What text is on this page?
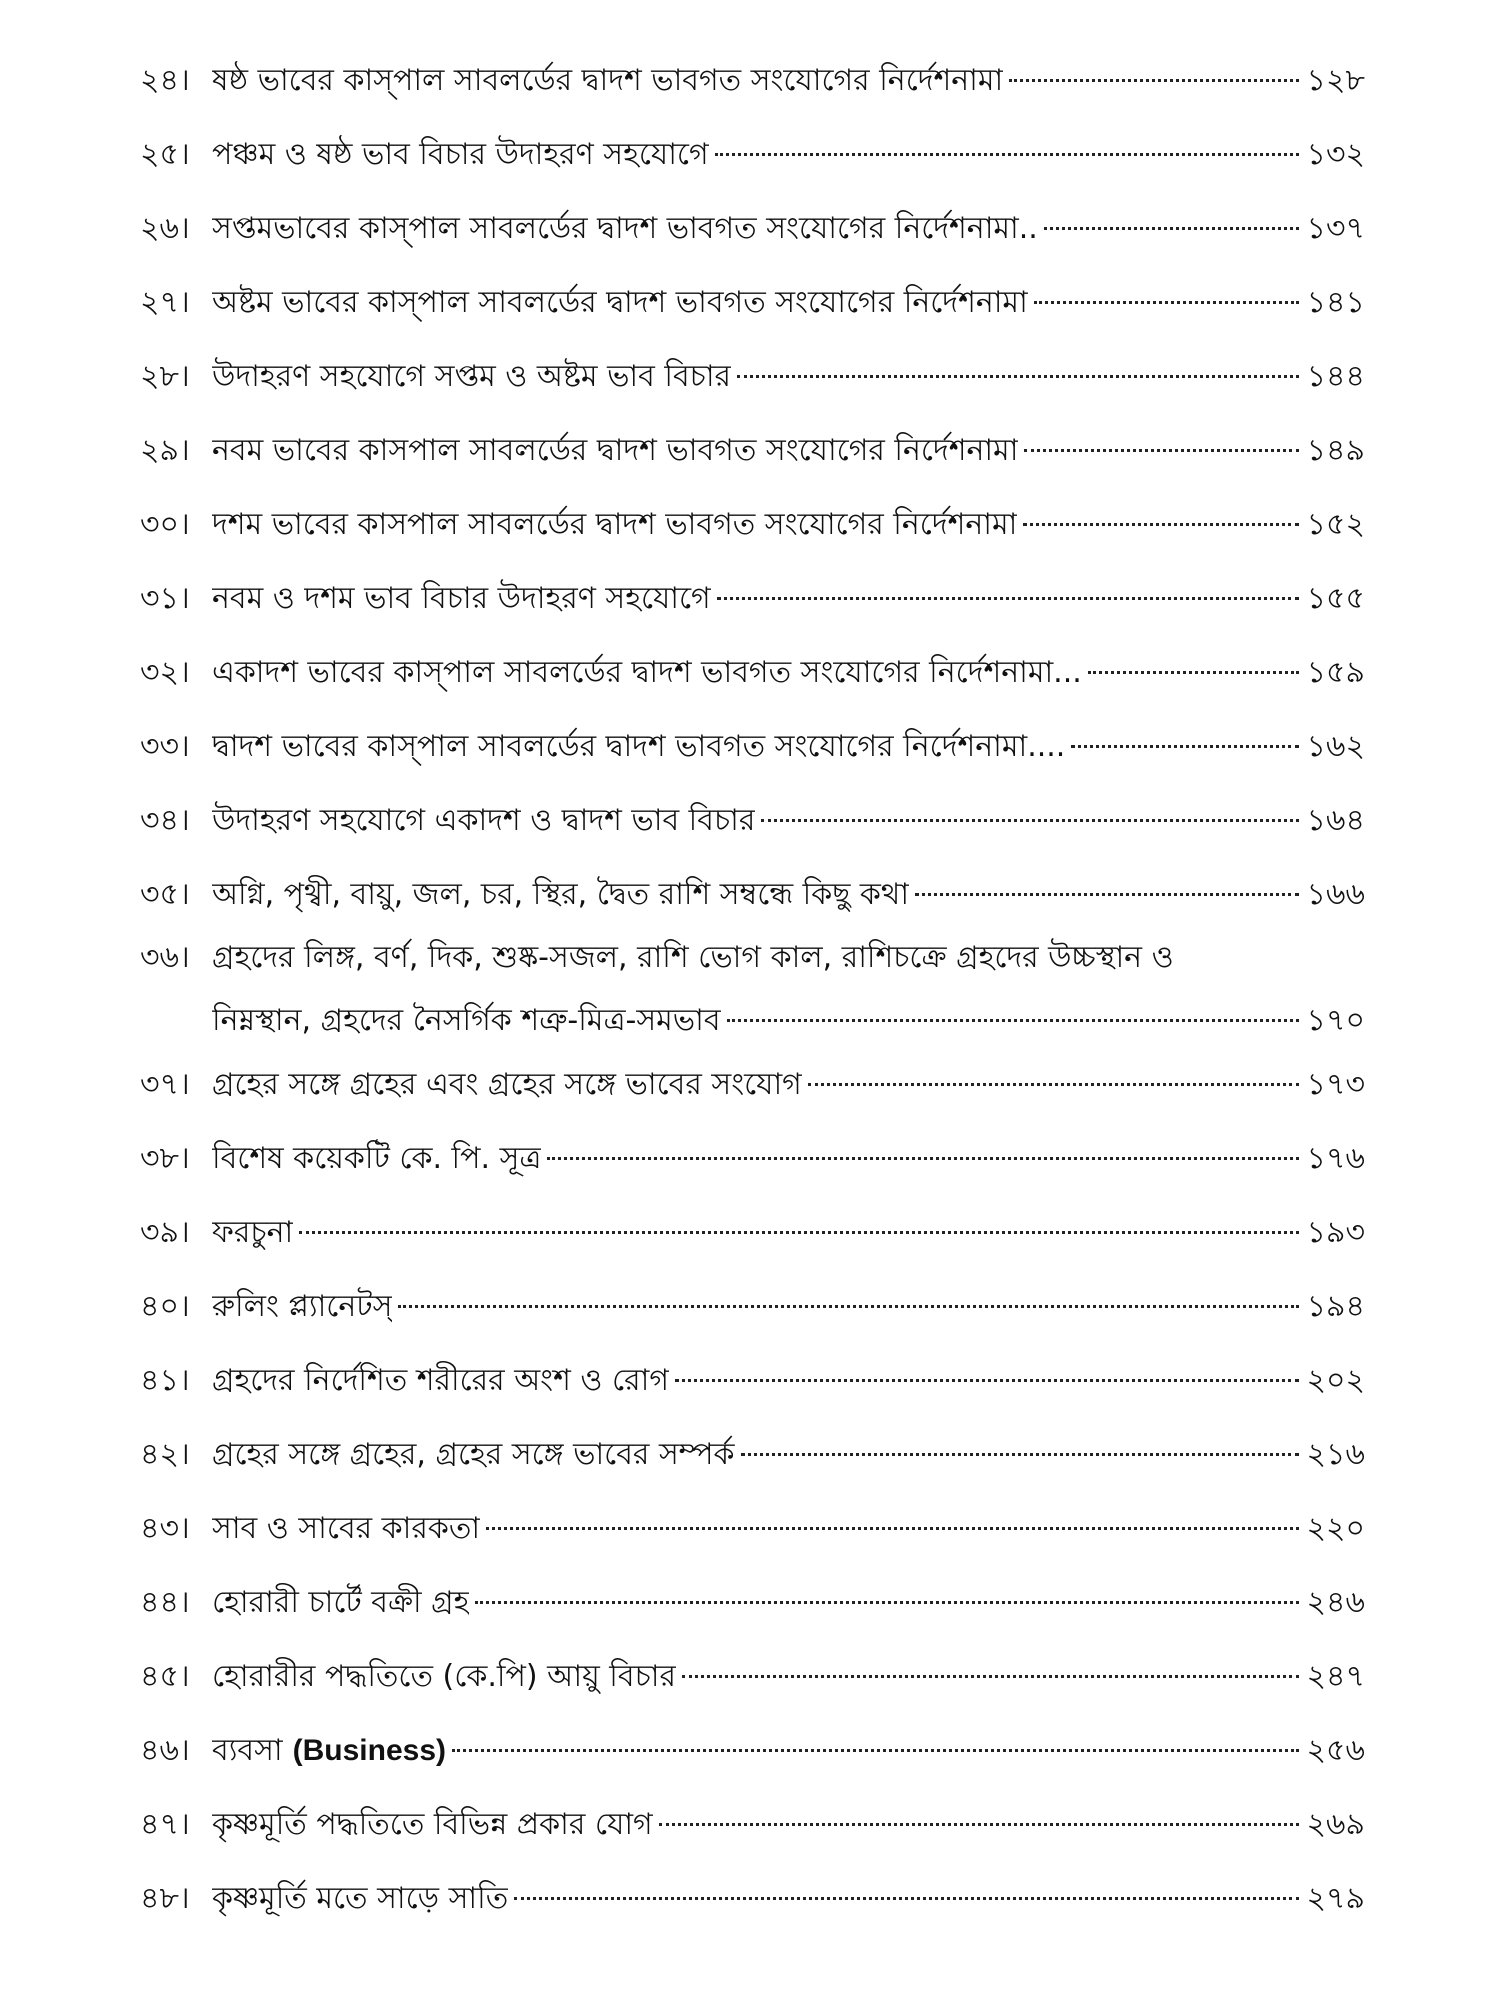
২৪। ষষ্ঠ ভাবের কাস্‌পাল সাবলর্ডের দ্বাদশ ভাবগত সংযোগের নির্দেশনামা	১২৮
২৫। পঞ্চম ও ষষ্ঠ ভাব বিচার উদাহরণ সহযোগে	১৩২
২৬। সপ্তমভাবের কাস্‌পাল সাবলর্ডের দ্বাদশ ভাবগত সংযোগের নির্দেশনামা..	১৩৭
২৭। অষ্টম ভাবের কাস্‌পাল সাবলর্ডের দ্বাদশ ভাবগত সংযোগের নির্দেশনামা	১৪১
২৮। উদাহরণ সহযোগে সপ্তম ও অষ্টম ভাব বিচার	১৪৪
২৯। নবম ভাবের কাসপাল সাবলর্ডের দ্বাদশ ভাবগত সংযোগের নির্দেশনামা	১৪৯
৩০। দশম ভাবের কাসপাল সাবলর্ডের দ্বাদশ ভাবগত সংযোগের নির্দেশনামা	১৫২
৩১। নবম ও দশম ভাব বিচার উদাহরণ সহযোগে	১৫৫
৩২। একাদশ ভাবের কাস্‌পাল সাবলর্ডের দ্বাদশ ভাবগত সংযোগের নির্দেশনামা...	১৫৯
৩৩। দ্বাদশ ভাবের কাস্‌পাল সাবলর্ডের দ্বাদশ ভাবগত সংযোগের নির্দেশনামা....	১৬২
৩৪। উদাহরণ সহযোগে একাদশ ও দ্বাদশ ভাব বিচার	১৬৪
৩৫। অগ্নি, পৃথ্বী, বায়ু, জল, চর, স্থির, দ্বৈত রাশি সম্বন্ধে কিছু কথা	১৬৬
৩৬। গ্রহদের লিঙ্গ, বর্ণ, দিক, শুষ্ক-সজল, রাশি ভোগ কাল, রাশিচক্রে গ্রহদের উচ্চস্থান ও
নিম্নস্থান, গ্রহদের নৈসর্গিক শত্রু-মিত্র-সমভাব	১৭০
৩৭। গ্রহের সঙ্গে গ্রহের এবং গ্রহের সঙ্গে ভাবের সংযোগ	১৭৩
৩৮। বিশেষ কয়েকটি কে. পি. সূত্র	১৭৬
৩৯। ফরচুনা	১৯৩
৪০। রুলিং প্ল্যানেটস্‌	১৯৪
৪১। গ্রহদের নির্দেশিত শরীরের অংশ ও রোগ	২০২
৪২। গ্রহের সঙ্গে গ্রহের, গ্রহের সঙ্গে ভাবের সম্পর্ক	২১৬
৪৩। সাব ও সাবের কারকতা	২২০
৪৪। হোরারী চার্টে বক্রী গ্রহ	২৪৬
৪৫। হোরারীর পদ্ধতিতে (কে.পি) আয়ু বিচার	২৪৭
৪৬। ব্যবসা (Business)	২৫৬
৪৭। কৃষ্ণমূর্তি পদ্ধতিতে বিভিন্ন প্রকার যোগ	২৬৯
৪৮। কৃষ্ণমূর্তি মতে সাড়ে সাতি	২৭৯
